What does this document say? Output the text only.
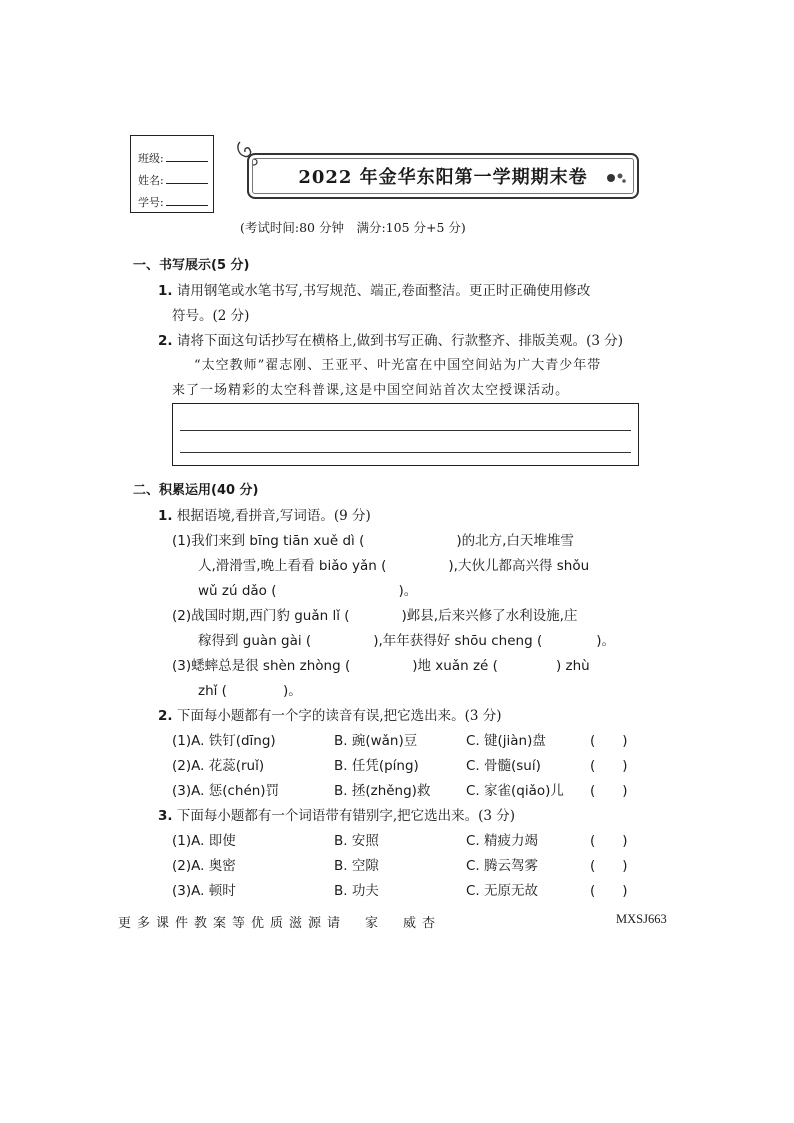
班级:
姓名:
学号:
2022 年金华东阳第一学期期末卷
(考试时间:80 分钟　满分:105 分+5 分)
一、书写展示(5 分)
1. 请用钢笔或水笔书写,书写规范、端正,卷面整洁。更正时正确使用修改
符号。(2 分)
2. 请将下面这句话抄写在横格上,做到书写正确、行款整齐、排版美观。(3 分)
“太空教师”翟志刚、王亚平、叶光富在中国空间站为广大青少年带
来了一场精彩的太空科普课,这是中国空间站首次太空授课活动。
二、积累运用(40 分)
1. 根据语境,看拼音,写词语。(9 分)
(1)我们来到 bīng tiān xuě dì (	)的北方,白天堆堆雪
人,滑滑雪,晚上看看 biǎo yǎn (	),大伙儿都高兴得 shǒu
wǔ zú dǎo (	)。
(2)战国时期,西门豹 guǎn lǐ (	)邺县,后来兴修了水利设施,庄
稼得到 guàn gài (	),年年获得好 shōu cheng (	)。
(3)蟋蟀总是很 shèn zhòng (	)地 xuǎn zé (	) zhù
zhǐ (	)。
2. 下面每小题都有一个字的读音有误,把它选出来。(3 分)
(1)A. 铁钉(dīng)	B. 豌(wǎn)豆	C. 键(jiàn)盘	(　　)
(2)A. 花蕊(ruǐ)	B. 任凭(píng)	C. 骨髓(suí)	(　　)
(3)A. 惩(chén)罚	B. 拯(zhěng)救	C. 家雀(qiǎo)儿 (　　)
3. 下面每小题都有一个词语带有错别字,把它选出来。(3 分)
(1)A. 即使	B. 安照	C. 精疲力竭	(　　)
(2)A. 奥密	B. 空隙	C. 腾云驾雾	(　　)
(3)A. 顿时	B. 功夫	C. 无原无故	(　　)
更多课件教案等优质滋源请　家　威杏	MXSJ663
